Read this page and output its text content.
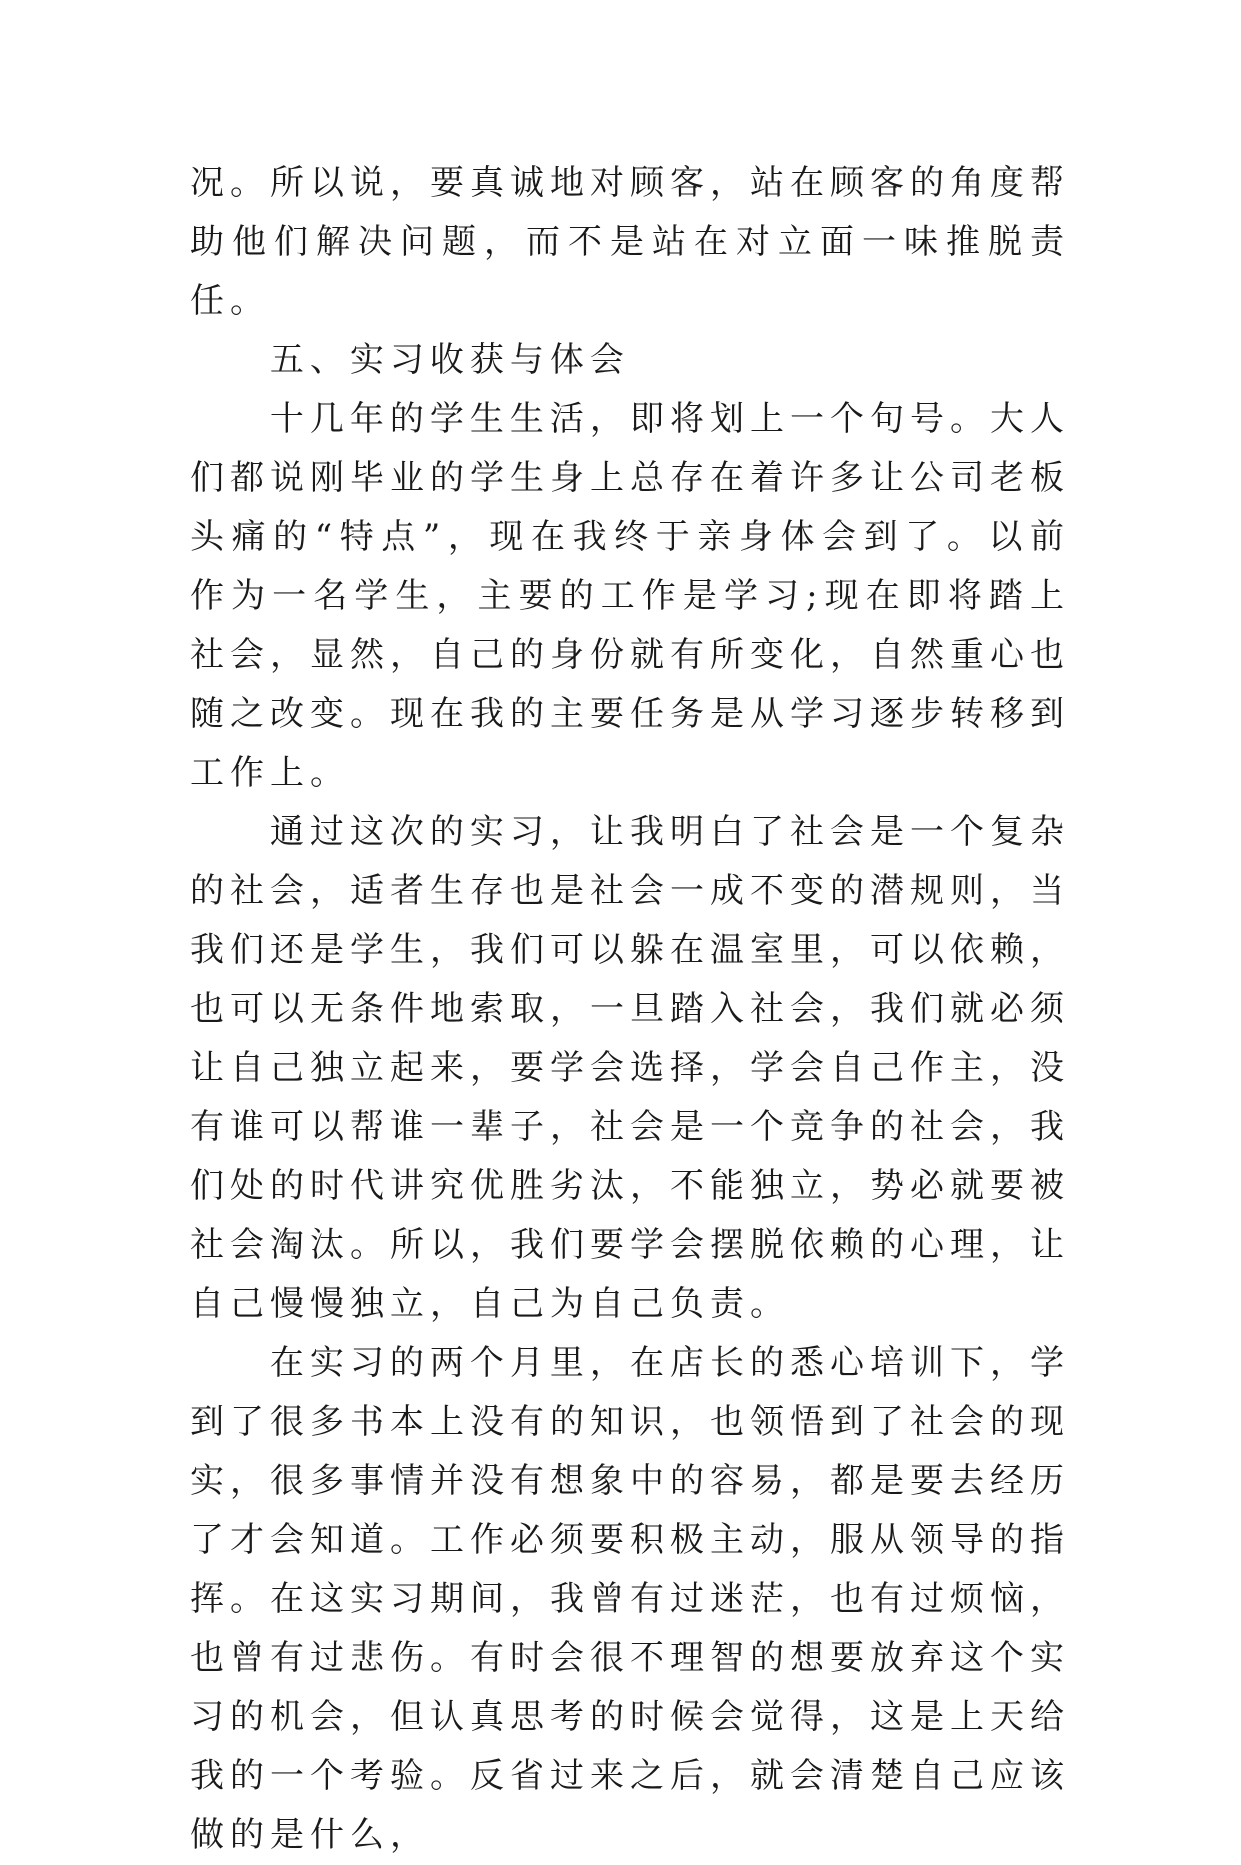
况。所以说，要真诚地对顾客，站在顾客的角度帮助他们解决问题，而不是站在对立面一味推脱责任。

五、实习收获与体会

十几年的学生生活，即将划上一个句号。大人们都说刚毕业的学生身上总存在着许多让公司老板头痛的“特点”，现在我终于亲身体会到了。以前作为一名学生，主要的工作是学习;现在即将踏上社会，显然，自己的身份就有所变化，自然重心也随之改变。现在我的主要任务是从学习逐步转移到工作上。

通过这次的实习，让我明白了社会是一个复杂的社会，适者生存也是社会一成不变的潜规则，当我们还是学生，我们可以躲在温室里，可以依赖，也可以无条件地索取，一旦踏入社会，我们就必须让自己独立起来，要学会选择，学会自己作主，没有谁可以帮谁一辈子，社会是一个竞争的社会，我们处的时代讲究优胜劣汰，不能独立，势必就要被社会淘汰。所以，我们要学会摆脱依赖的心理，让自己慢慢独立，自己为自己负责。

在实习的两个月里，在店长的悉心培训下，学到了很多书本上没有的知识，也领悟到了社会的现实，很多事情并没有想象中的容易，都是要去经历了才会知道。工作必须要积极主动，服从领导的指挥。在这实习期间，我曾有过迷茫，也有过烦恼，也曾有过悲伤。有时会很不理智的想要放弃这个实习的机会，但认真思考的时候会觉得，这是上天给我的一个考验。反省过来之后，就会清楚自己应该做的是什么，
